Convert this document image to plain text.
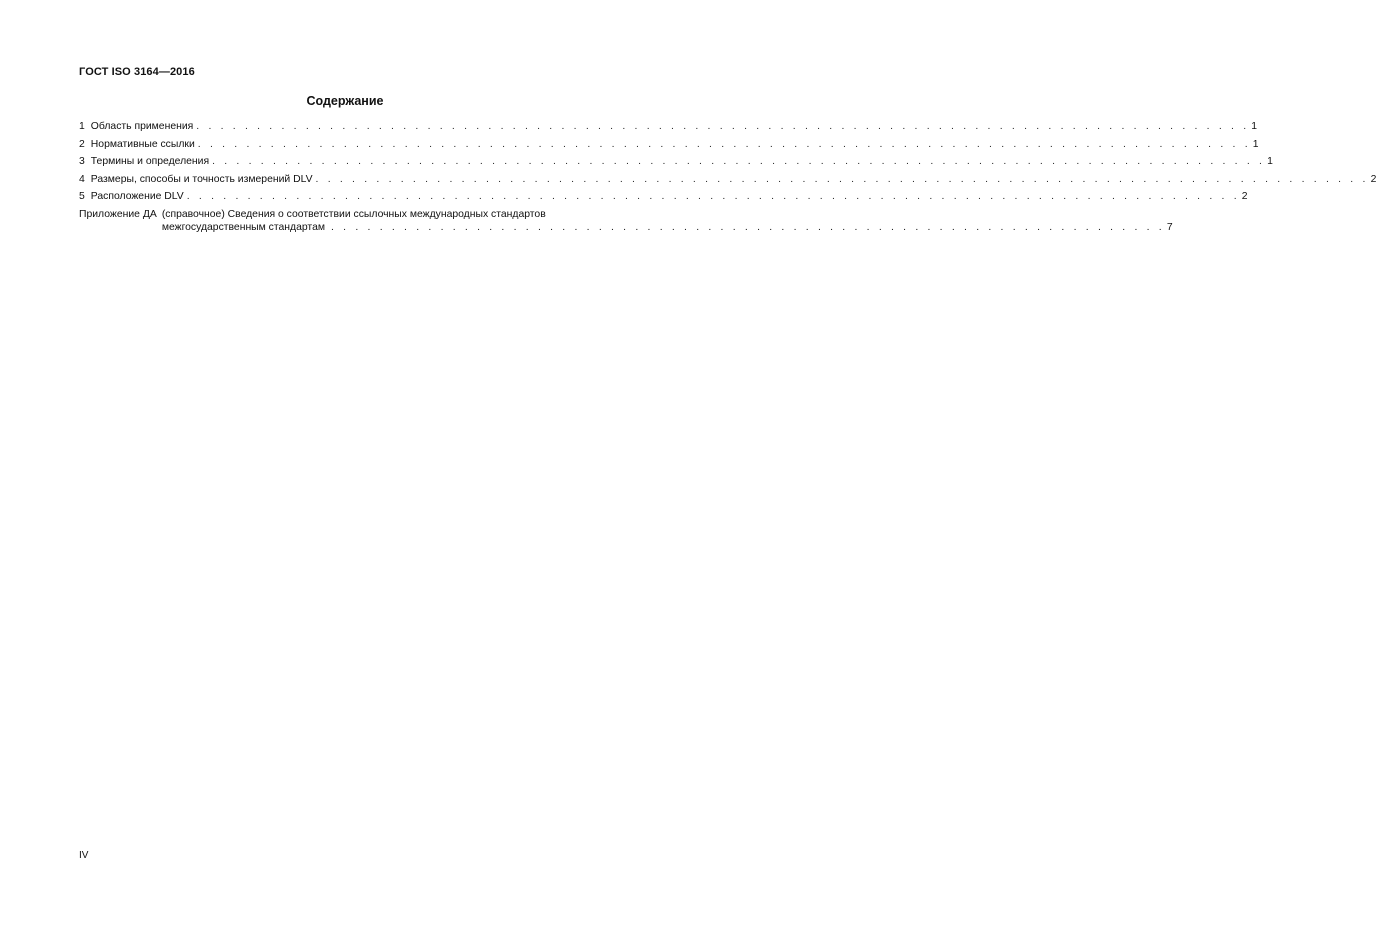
ГОСТ ISO 3164—2016
Содержание
1 Область применения . . .	1
2 Нормативные ссылки . . .	1
3 Термины и определения . . .	1
4 Размеры, способы и точность измерений DLV . . .	2
5 Расположение DLV . . .	2
Приложение ДА (справочное) Сведения о соответствии ссылочных международных стандартов
межгосударственным стандартам . . .	7
IV
